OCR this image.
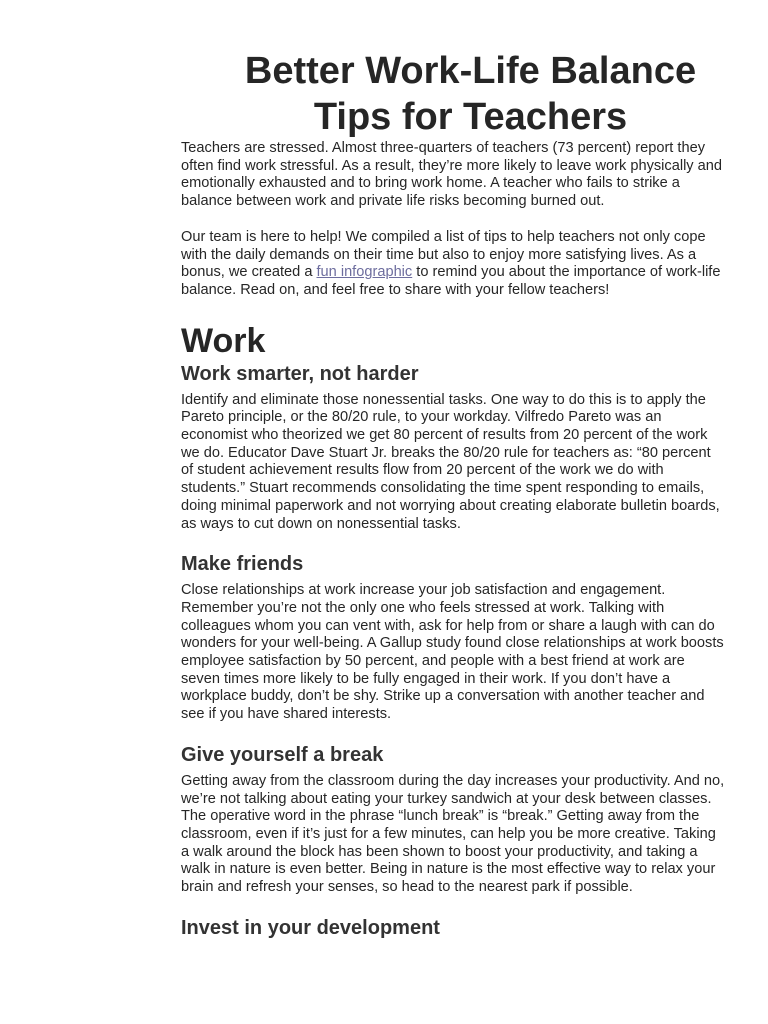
Better Work-Life Balance
Tips for Teachers

Teachers are stressed. Almost three-quarters of teachers (73 percent) report they often find work stressful. As a result, they’re more likely to leave work physically and emotionally exhausted and to bring work home. A teacher who fails to strike a balance between work and private life risks becoming burned out.

Our team is here to help! We compiled a list of tips to help teachers not only cope with the daily demands on their time but also to enjoy more satisfying lives. As a bonus, we created a fun infographic to remind you about the importance of work-life balance. Read on, and feel free to share with your fellow teachers!

Work
Work smarter, not harder

Identify and eliminate those nonessential tasks. One way to do this is to apply the Pareto principle, or the 80/20 rule, to your workday. Vilfredo Pareto was an economist who theorized we get 80 percent of results from 20 percent of the work we do. Educator Dave Stuart Jr. breaks the 80/20 rule for teachers as: “80 percent of student achievement results flow from 20 percent of the work we do with students.” Stuart recommends consolidating the time spent responding to emails, doing minimal paperwork and not worrying about creating elaborate bulletin boards, as ways to cut down on nonessential tasks.

Make friends

Close relationships at work increase your job satisfaction and engagement. Remember you’re not the only one who feels stressed at work. Talking with colleagues whom you can vent with, ask for help from or share a laugh with can do wonders for your well-being. A Gallup study found close relationships at work boosts employee satisfaction by 50 percent, and people with a best friend at work are seven times more likely to be fully engaged in their work. If you don’t have a workplace buddy, don’t be shy. Strike up a conversation with another teacher and see if you have shared interests.

Give yourself a break

Getting away from the classroom during the day increases your productivity. And no, we’re not talking about eating your turkey sandwich at your desk between classes. The operative word in the phrase “lunch break” is “break.” Getting away from the classroom, even if it’s just for a few minutes, can help you be more creative. Taking a walk around the block has been shown to boost your productivity, and taking a walk in nature is even better. Being in nature is the most effective way to relax your brain and refresh your senses, so head to the nearest park if possible.

Invest in your development
